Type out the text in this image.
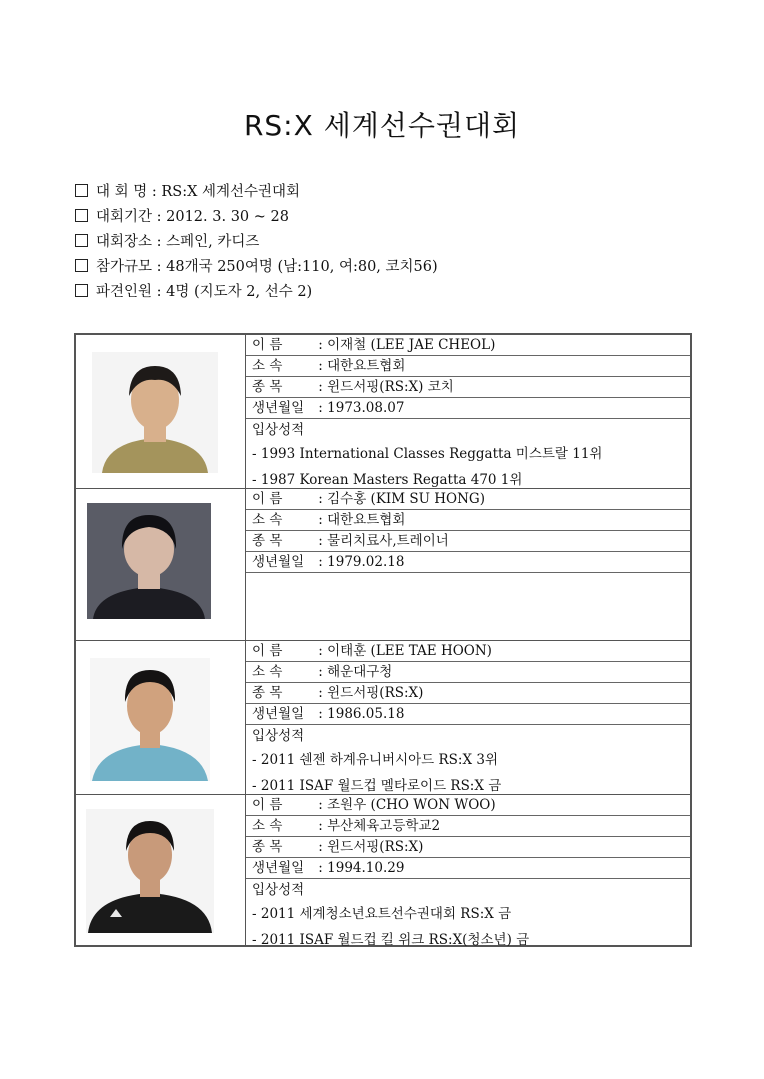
RS:X 세계선수권대회
대 회 명 : RS:X 세계선수권대회
대회기간 : 2012. 3. 30 ~ 28
대회장소 : 스페인, 카디즈
참가규모 : 48개국 250여명 (남:110, 여:80, 코치56)
파견인원 : 4명 (지도자 2, 선수 2)
이 름 : 이재철 (LEE JAE CHEOL)
소 속 : 대한요트협회
종 목 : 윈드서핑(RS:X) 코치
생년월일 : 1973.08.07
입상성적
- 1993 International Classes Reggatta 미스트랄 11위
- 1987 Korean Masters Regatta 470 1위
이 름 : 김수홍 (KIM SU HONG)
소 속 : 대한요트협회
종 목 : 물리치료사,트레이너
생년월일 : 1979.02.18
이 름 : 이태훈 (LEE TAE HOON)
소 속 : 해운대구청
종 목 : 윈드서핑(RS:X)
생년월일 : 1986.05.18
입상성적
- 2011 쉔젠 하계유니버시아드 RS:X 3위
- 2011 ISAF 월드컵 멜타로이드 RS:X 금
이 름 : 조원우 (CHO WON WOO)
소 속 : 부산체육고등학교2
종 목 : 윈드서핑(RS:X)
생년월일 : 1994.10.29
입상성적
- 2011 세계청소년요트선수권대회 RS:X 금
- 2011 ISAF 월드컵 킬 위크 RS:X(청소년) 금
